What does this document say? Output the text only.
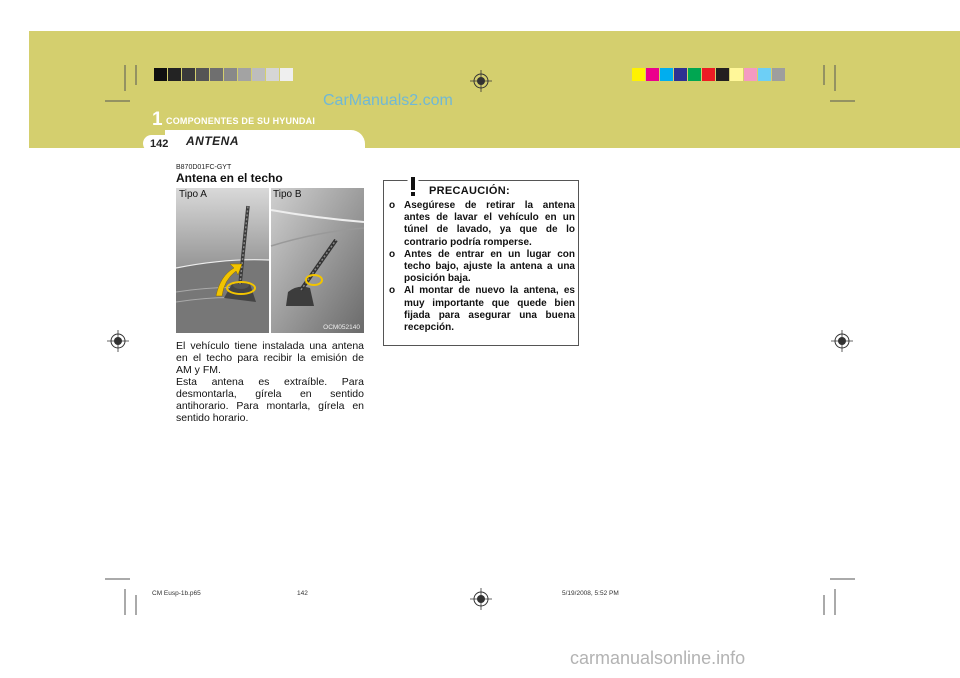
1 COMPONENTES DE SU HYUNDAI
CarManuals2.com
142 ANTENA
B870D01FC-GYT
Antena en el techo
Tipo A	Tipo B
OCM052140

El vehículo tiene instalada una antena en el techo para recibir la emisión de AM y FM.

Esta antena es extraíble. Para desmontarla, gírela en sentido antihorario. Para montarla, gírela en sentido horario.

PRECAUCIÓN:
o Asegúrese de retirar la antena antes de lavar el vehículo en un túnel de lavado, ya que de lo contrario podría romperse.
o Antes de entrar en un lugar con techo bajo, ajuste la antena a una posición baja.
o Al montar de nuevo la antena, es muy importante que quede bien fijada para asegurar una buena recepción.
CM Eusp-1b.p65	142	5/19/2008, 5:52 PM
carmanualsonline.info
